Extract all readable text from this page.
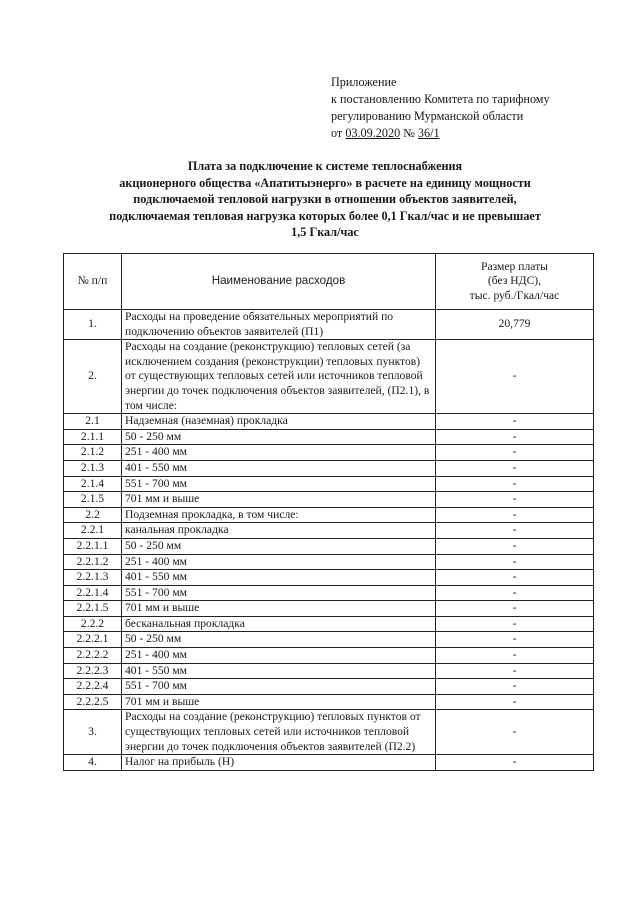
Приложение
к постановлению Комитета по тарифному
регулированию Мурманской области
от 03.09.2020 № 36/1
Плата за подключение к системе теплоснабжения
акционерного общества «Апатитыэнерго» в расчете на единицу мощности
подключаемой тепловой нагрузки в отношении объектов заявителей,
подключаемая тепловая нагрузка которых более 0,1 Гкал/час и не превышает
1,5 Гкал/час
№ п/п	Наименование расходов	Размер платы
(без НДС),
тыс. руб./Гкал/час

1.	Расходы на проведение обязательных мероприятий по подключению объектов заявителей (П1)	20,779
2.	Расходы на создание (реконструкцию) тепловых сетей (за исключением создания (реконструкции) тепловых пунктов) от существующих тепловых сетей или источников тепловой энергии до точек подключения объектов заявителей, (П2.1), в том числе:	-
2.1	Надземная (наземная) прокладка	-
2.1.1	50 - 250 мм	-
2.1.2	251 - 400 мм	-
2.1.3	401 - 550 мм	-
2.1.4	551 - 700 мм	-
2.1.5	701 мм и выше	-
2.2	Подземная прокладка, в том числе:	-
2.2.1	канальная прокладка	-
2.2.1.1	50 - 250 мм	-
2.2.1.2	251 - 400 мм	-
2.2.1.3	401 - 550 мм	-
2.2.1.4	551 - 700 мм	-
2.2.1.5	701 мм и выше	-
2.2.2	бесканальная прокладка	-
2.2.2.1	50 - 250 мм	-
2.2.2.2	251 - 400 мм	-
2.2.2.3	401 - 550 мм	-
2.2.2.4	551 - 700 мм	-
2.2.2.5	701 мм и выше	-
3.	Расходы на создание (реконструкцию) тепловых пунктов от существующих тепловых сетей или источников тепловой энергии до точек подключения объектов заявителей (П2.2)	-
4.	Налог на прибыль (Н)	-
